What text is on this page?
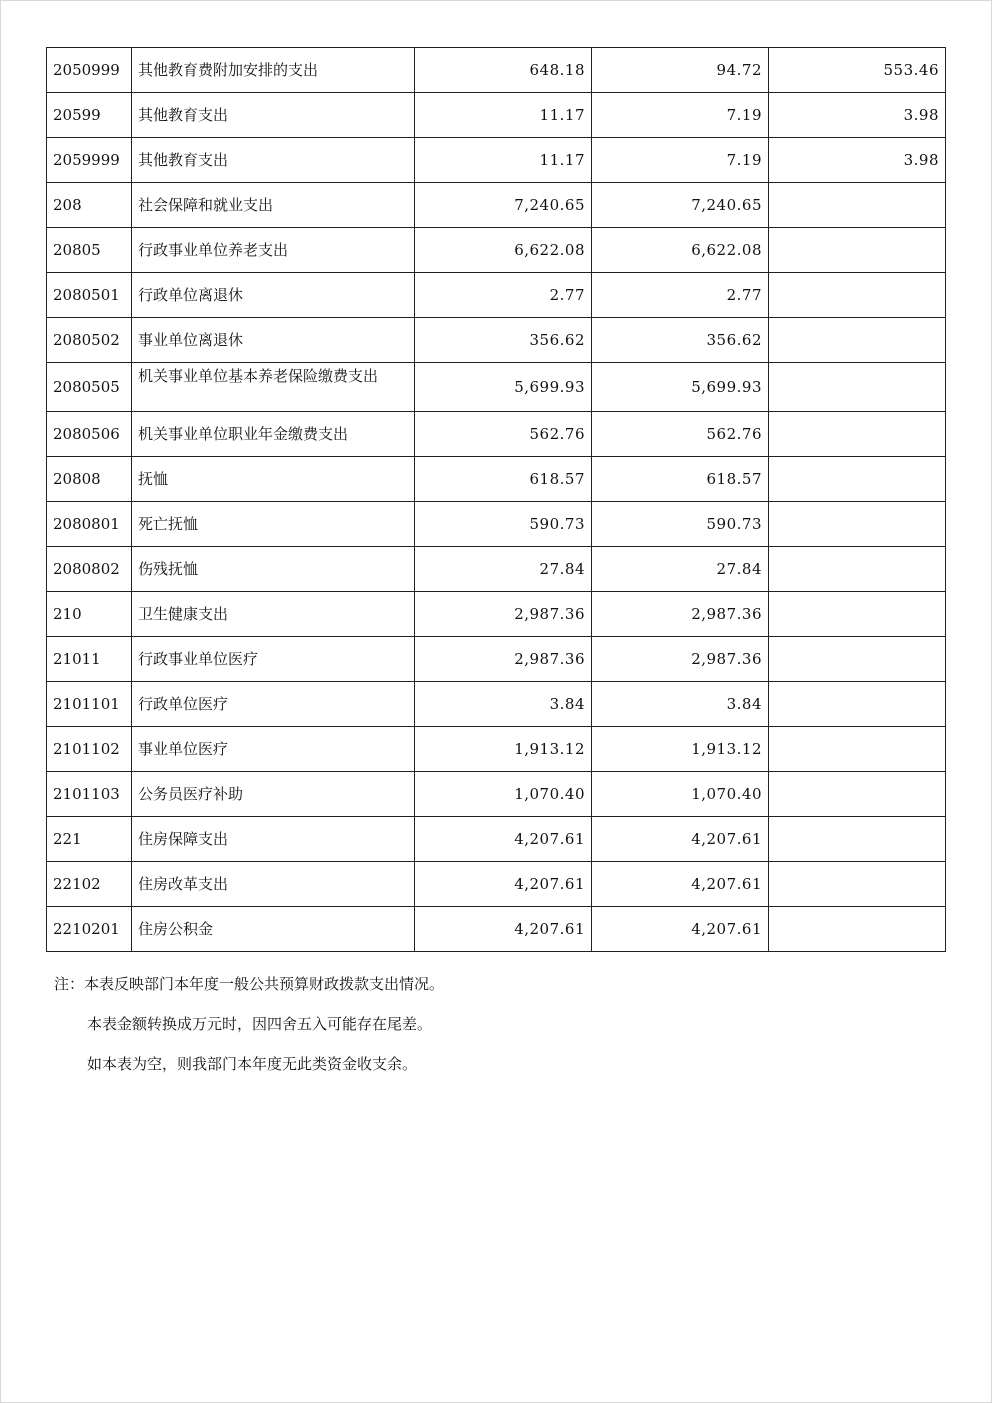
2050999	其他教育费附加安排的支出	648.18	94.72	553.46
20599	其他教育支出	11.17	7.19	3.98
2059999	其他教育支出	11.17	7.19	3.98
208	社会保障和就业支出	7,240.65	7,240.65	
20805	行政事业单位养老支出	6,622.08	6,622.08	
2080501	行政单位离退休	2.77	2.77	
2080502	事业单位离退休	356.62	356.62	
2080505	机关事业单位基本养老保险缴费支出	5,699.93	5,699.93	
2080506	机关事业单位职业年金缴费支出	562.76	562.76	
20808	抚恤	618.57	618.57	
2080801	死亡抚恤	590.73	590.73	
2080802	伤残抚恤	27.84	27.84	
210	卫生健康支出	2,987.36	2,987.36	
21011	行政事业单位医疗	2,987.36	2,987.36	
2101101	行政单位医疗	3.84	3.84	
2101102	事业单位医疗	1,913.12	1,913.12	
2101103	公务员医疗补助	1,070.40	1,070.40	
221	住房保障支出	4,207.61	4,207.61	
22102	住房改革支出	4,207.61	4,207.61	
2210201	住房公积金	4,207.61	4,207.61	

注：本表反映部门本年度一般公共预算财政拨款支出情况。

本表金额转换成万元时，因四舍五入可能存在尾差。

如本表为空，则我部门本年度无此类资金收支余。
